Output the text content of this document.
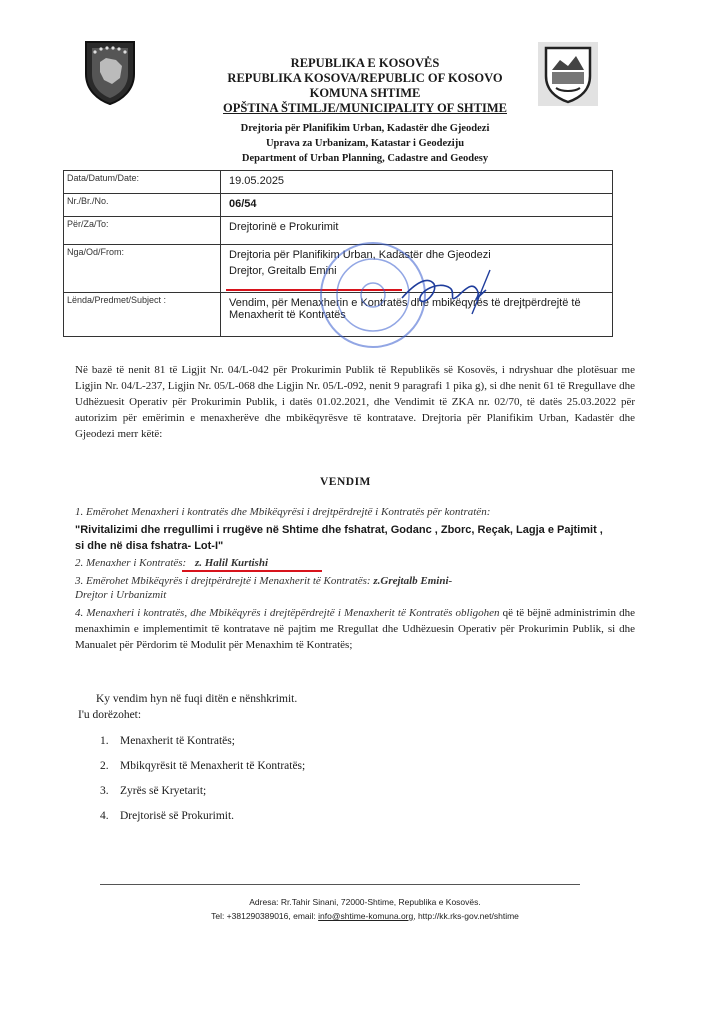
REPUBLIKA E KOSOVĖS
REPUBLIKA KOSOVA/REPUBLIC OF KOSOVO
KOMUNA SHTIME
OPŠTINA ŠTIMLJE/MUNICIPALITY OF SHTIME
Drejtoria për Planifikim Urban, Kadastër dhe Gjeodezi
Uprava za Urbanizam, Katastar i Geodeziju
Department of Urban Planning, Cadastre and Geodesy
Data/Datum/Date:	19.05.2025
Nr./Br./No.	06/54
Për/Za/To:	Drejtorinë e Prokurimit
Nga/Od/From:	Drejtoria për Planifikim Urban, Kadastër dhe Gjeodezi
Drejtor, Greitalb Emini

Lënda/Predmet/Subject :	Vendim, për Menaxherin e Kontratës dhe mbikëqyrës të drejtpërdrejtë të Menaxherit të Kontratës
Në bazë të nenit 81 të Ligjit Nr. 04/L-042 për Prokurimin Publik të Republikës së Kosovës, i ndryshuar dhe plotësuar me Ligjin Nr. 04/L-237, Ligjin Nr. 05/L-068 dhe Ligjin Nr. 05/L-092, nenit 9 paragrafi 1 pika g), si dhe nenit 61 të Rregullave dhe Udhëzuesit Operativ për Prokurimin Publik, i datës 01.02.2021, dhe Vendimit të ZKA nr. 02/70, të datës 25.03.2022 për autorizim për emërimin e menaxherëve dhe mbikëqyrësve të kontratave. Drejtoria për Planifikim Urban, Kadastër dhe Gjeodezi merr këtë:
VENDIM
1. Emërohet Menaxheri i kontratës dhe Mbikëqyrësi i drejtpërdrejtë i Kontratës për kontratën:
"Rivitalizimi dhe rregullimi i rrugëve në Shtime dhe fshatrat, Godanc , Zborc, Reçak, Lagja e Pajtimit , si dhe në disa fshatra- Lot-I"
2. Menaxher i Kontratës: z. Halil Kurtishi
3. Emërohet Mbikëqyrës i drejtpërdrejtë i Menaxherit të Kontratës: z.Grejtalb Emini-
Drejtor i Urbanizmit
4. Menaxheri i kontratës, dhe Mbikëqyrës i drejtëpërdrejtë i Menaxherit të Kontratës obligohen që të bëjnë administrimin dhe menaxhimin e implementimit të kontratave në pajtim me Rregullat dhe Udhëzuesin Operativ për Prokurimin Publik, si dhe Manualet për Përdorim të Modulit për Menaxhim të Kontratës;
Ky vendim hyn në fuqi ditën e nënshkrimit.
I'u dorëzohet:
1. Menaxherit të Kontratës;
2. Mbikqyrësit të Menaxherit të Kontratës;
3. Zyrës së Kryetarit;
4. Drejtorisë së Prokurimit.
Adresa: Rr.Tahir Sinani, 72000-Shtime, Republika e Kosovës.
Tel: +381290389016, email: info@shtime-komuna.org, http://kk.rks-gov.net/shtime
